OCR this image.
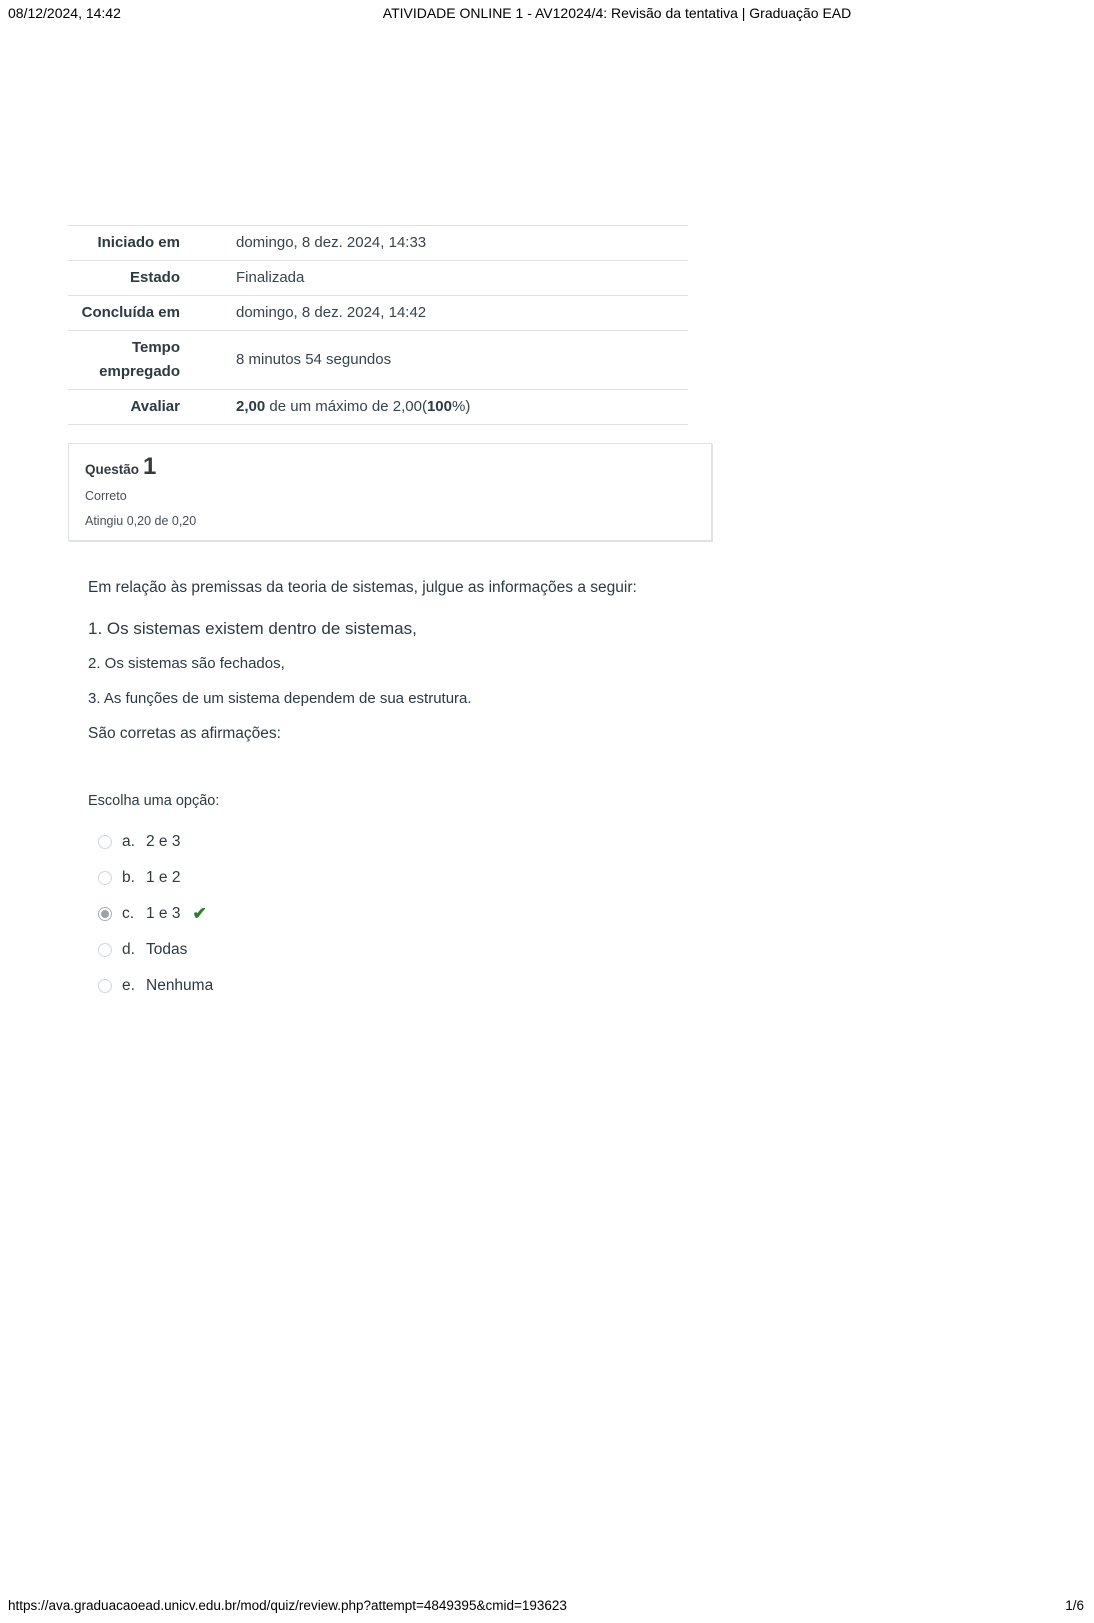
08/12/2024, 14:42	ATIVIDADE ONLINE 1 - AV12024/4: Revisão da tentativa | Graduação EAD
Iniciado em	domingo, 8 dez. 2024, 14:33
Estado	Finalizada
Concluída em	domingo, 8 dez. 2024, 14:42
Tempo empregado	8 minutos 54 segundos
Avaliar	2,00 de um máximo de 2,00(100%)
Questão 1
Correto
Atingiu 0,20 de 0,20

Em relação às premissas da teoria de sistemas, julgue as informações a seguir:

1. Os sistemas existem dentro de sistemas,

2. Os sistemas são fechados,

3. As funções de um sistema dependem de sua estrutura.

São corretas as afirmações:

Escolha uma opção:

a. 2 e 3
b. 1 e 2
c. 1 e 3 ✔
d. Todas
e. Nenhuma
https://ava.graduacaoead.unicv.edu.br/mod/quiz/review.php?attempt=4849395&cmid=193623	1/6
